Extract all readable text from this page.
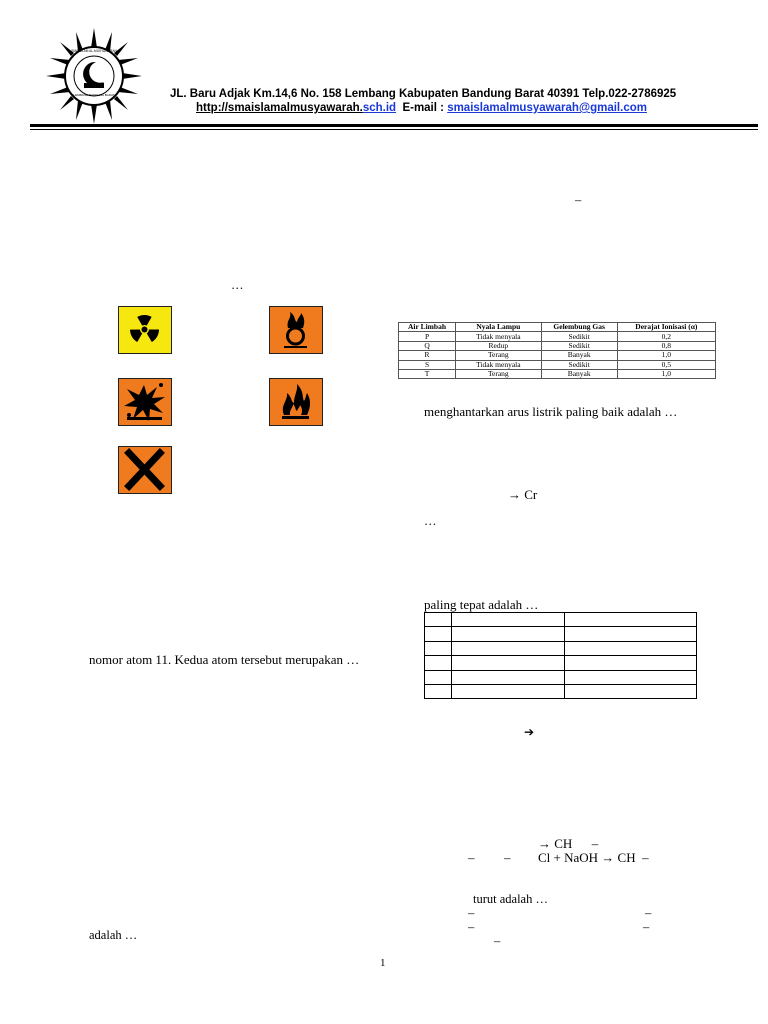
SMA ISLAM AL-MUSYAWARAH
LEMBANG BANDUNG BARAT	JL. Baru Adjak Km.14,6 No. 158 Lembang Kabupaten Bandung Barat 40391 Telp.022-2786925
http://smaislamalmusyawarah.sch.id E-mail : smaislamalmusyawarah@gmail.com
…
nomor atom 11. Kedua atom tersebut merupakan …
adalah …
–
Air Limbah	Nyala Lampu	Gelembung Gas	Derajat Ionisasi (α)
P	Tidak menyala	Sedikit	0,2
Q	Redup	Sedikit	0,8
R	Terang	Banyak	1,0
S	Tidak menyala	Sedikit	0,5
T	Terang	Banyak	1,0
menghantarkan arus listrik paling baik adalah …
→ Cr
…
paling tepat adalah …

➔
→ CH      –
– – Cl + NaOH → CH  –
turut adalah …
–	–
–	–
–
1
